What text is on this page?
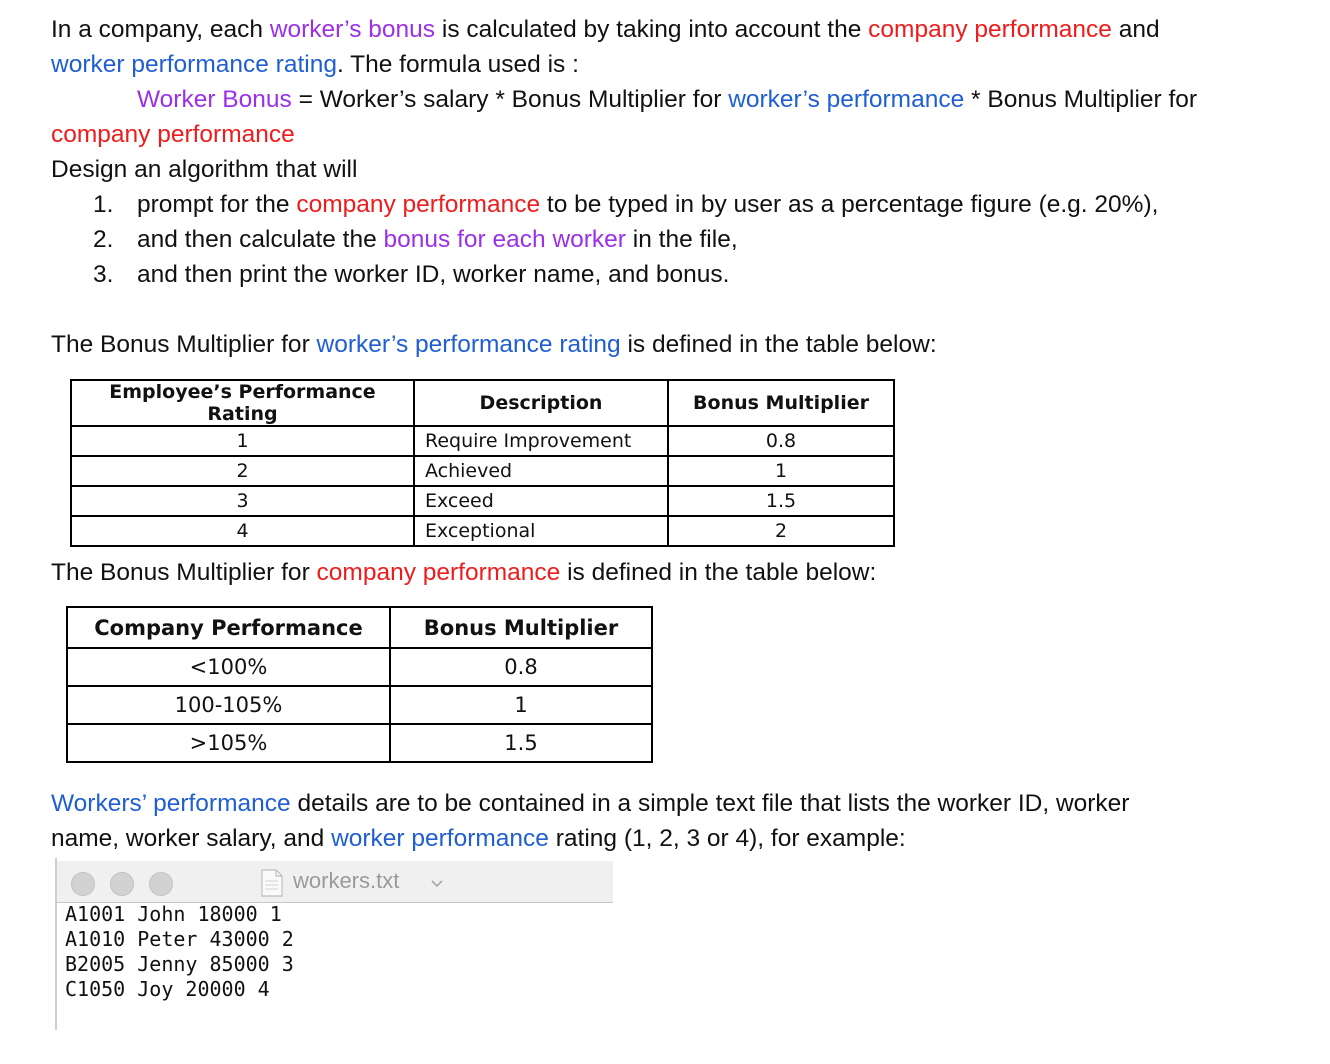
In a company, each worker’s bonus is calculated by taking into account the company performance and
worker performance rating. The formula used is :
Worker Bonus = Worker’s salary * Bonus Multiplier for worker’s performance * Bonus Multiplier for
company performance
Design an algorithm that will
1. prompt for the company performance to be typed in by user as a percentage figure (e.g. 20%),
2. and then calculate the bonus for each worker in the file,
3. and then print the worker ID, worker name, and bonus.
The Bonus Multiplier for worker’s performance rating is defined in the table below:
Employee’s Performance Rating	Description	Bonus Multiplier
1	Require Improvement	0.8
2	Achieved	1
3	Exceed	1.5
4	Exceptional	2
The Bonus Multiplier for company performance is defined in the table below:
Company Performance	Bonus Multiplier
<100%	0.8
100-105%	1
>105%	1.5
Workers’ performance details are to be contained in a simple text file that lists the worker ID, worker
name, worker salary, and worker performance rating (1, 2, 3 or 4), for example:
workers.txt
A1001 John 18000 1
A1010 Peter 43000 2
B2005 Jenny 85000 3
C1050 Joy 20000 4
